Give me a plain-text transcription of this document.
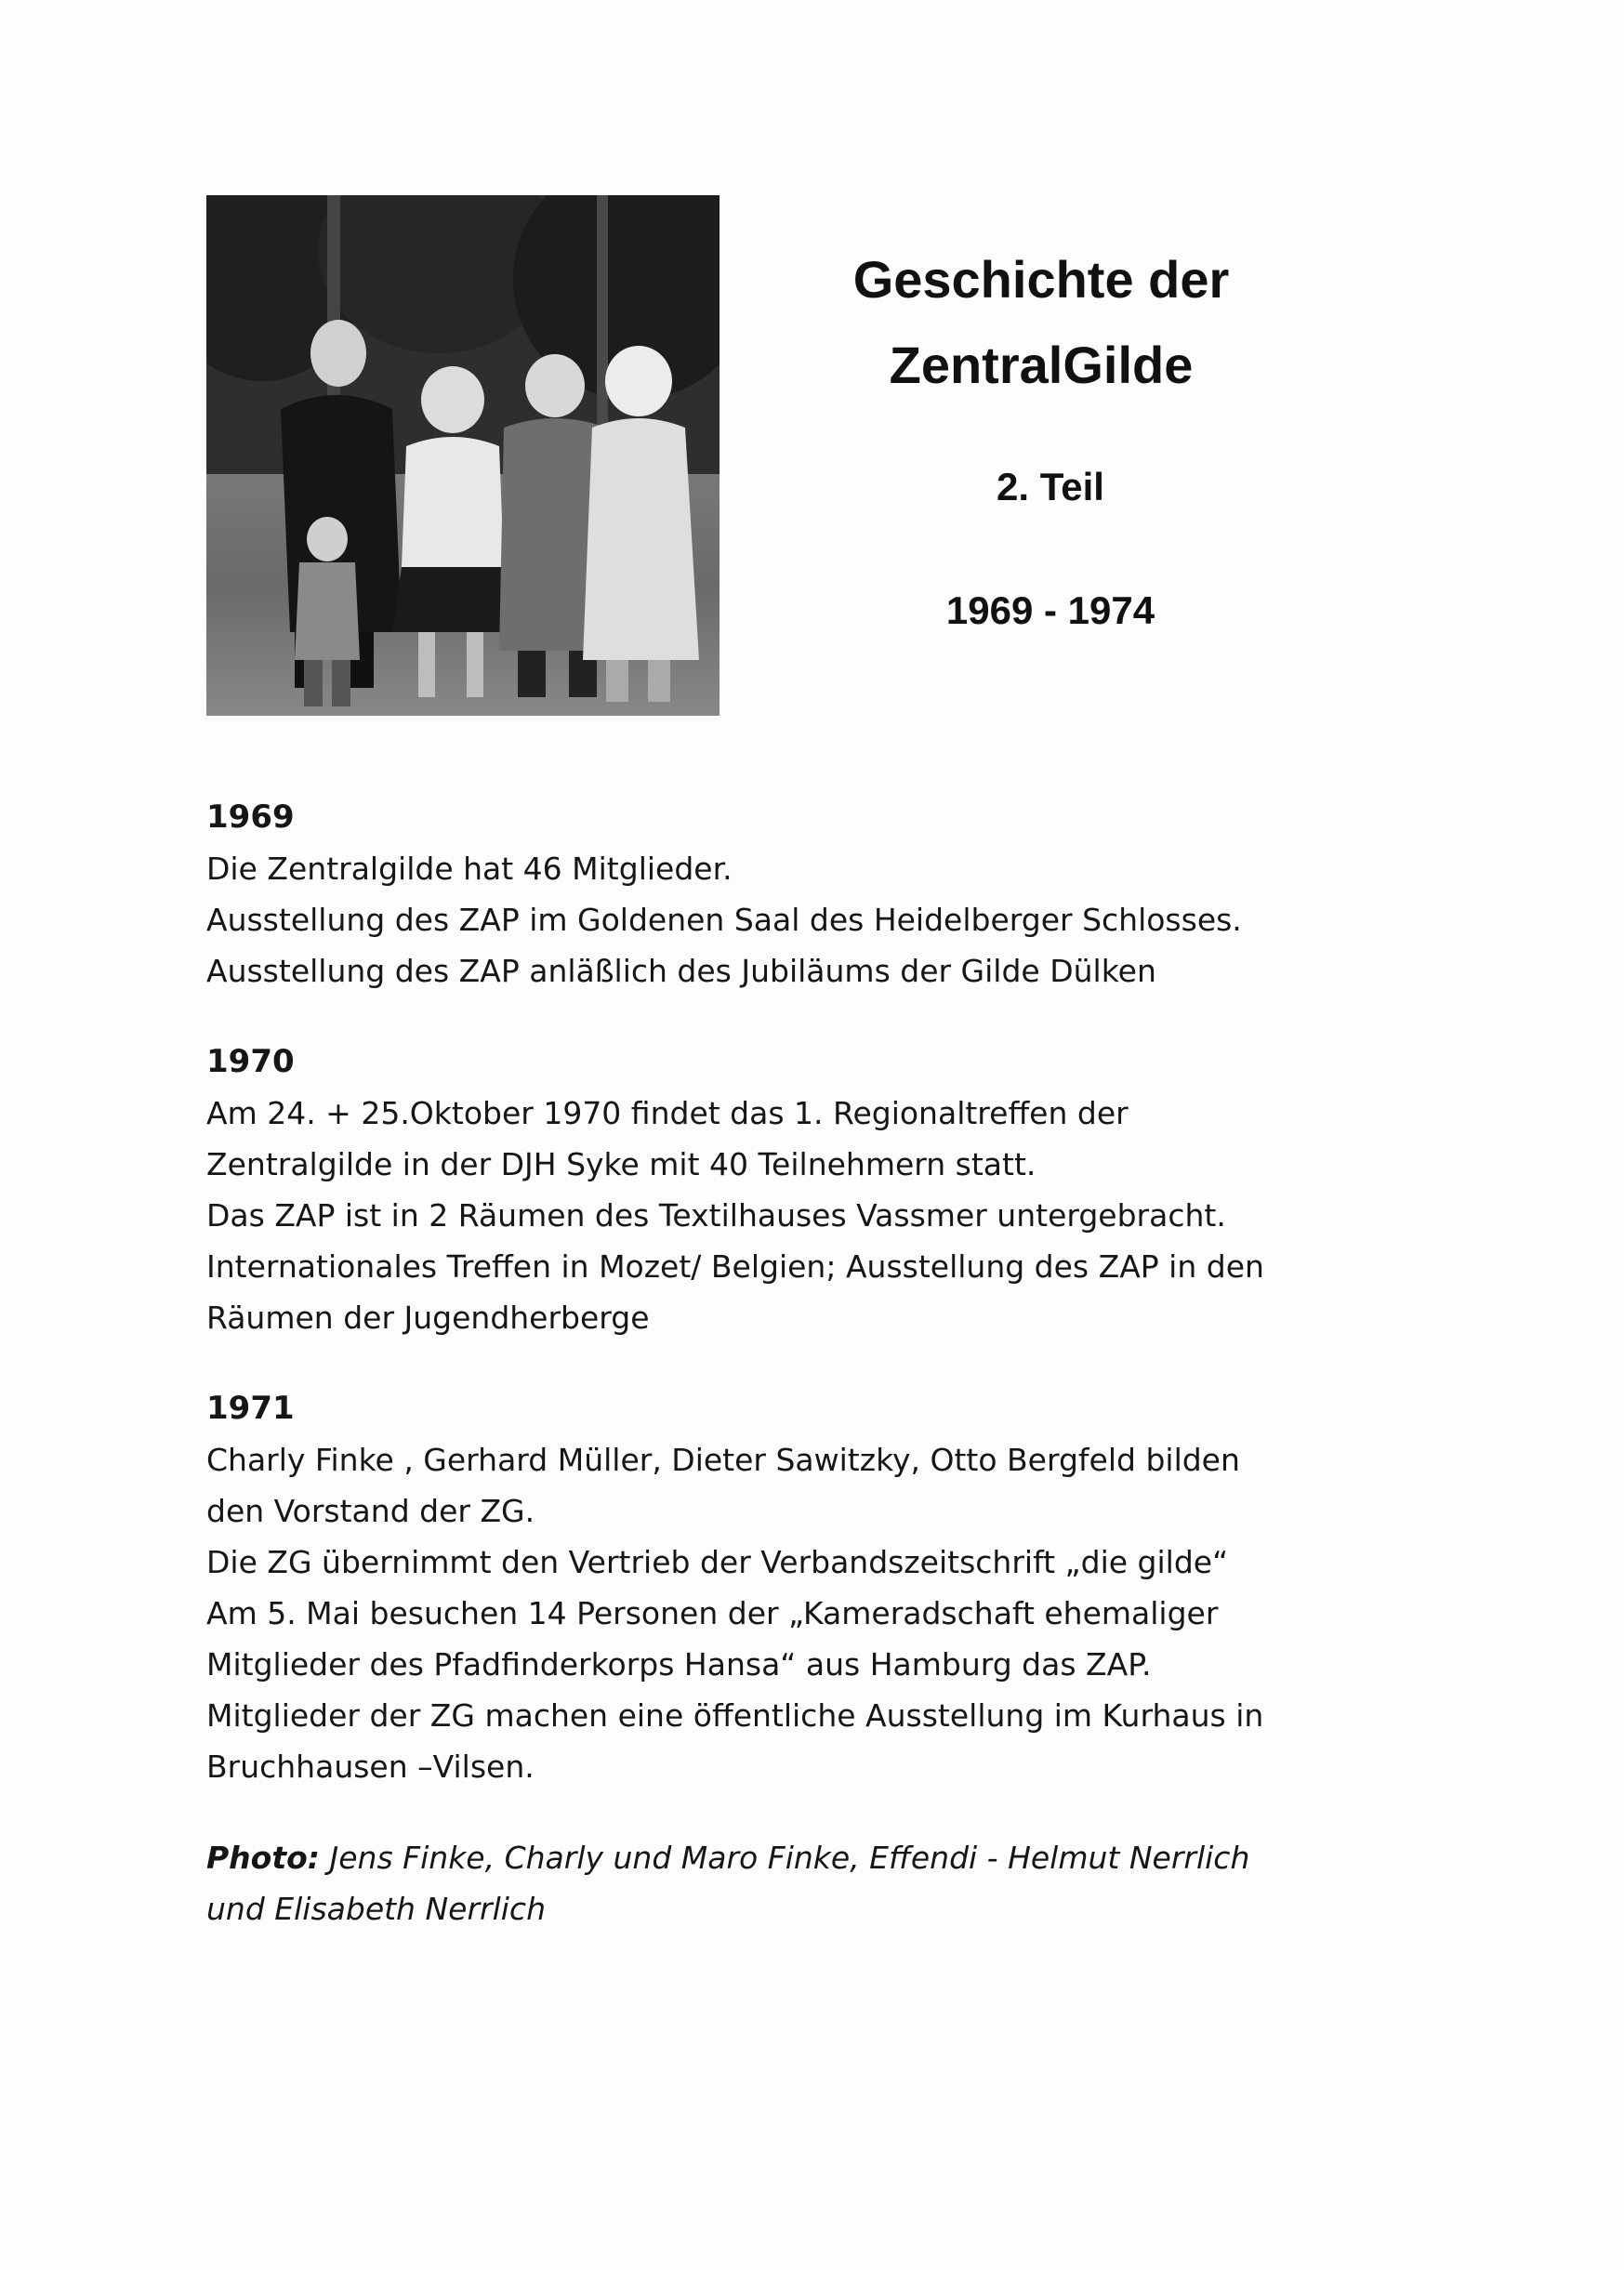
Geschichte der
ZentralGilde
2. Teil
1969 - 1974
1969
Die Zentralgilde hat 46 Mitglieder.
Ausstellung des ZAP im Goldenen Saal des Heidelberger Schlosses.
Ausstellung des ZAP anläßlich des Jubiläums der Gilde Dülken
1970
Am 24. + 25.Oktober 1970 findet das 1. Regionaltreffen der
Zentralgilde in der DJH Syke mit 40 Teilnehmern statt.
Das ZAP ist in 2 Räumen des Textilhauses Vassmer untergebracht.
Internationales Treffen in Mozet/ Belgien; Ausstellung des ZAP in den
Räumen der Jugendherberge
1971
Charly Finke , Gerhard Müller, Dieter Sawitzky, Otto Bergfeld bilden
den Vorstand der ZG.
Die ZG übernimmt den Vertrieb der Verbandszeitschrift „die gilde“
Am 5. Mai besuchen 14 Personen der „Kameradschaft ehemaliger
Mitglieder des Pfadfinderkorps Hansa“ aus Hamburg das ZAP.
Mitglieder der ZG machen eine öffentliche Ausstellung im Kurhaus in
Bruchhausen –Vilsen.
Photo: Jens Finke, Charly und Maro Finke, Effendi - Helmut Nerrlich
und Elisabeth Nerrlich
